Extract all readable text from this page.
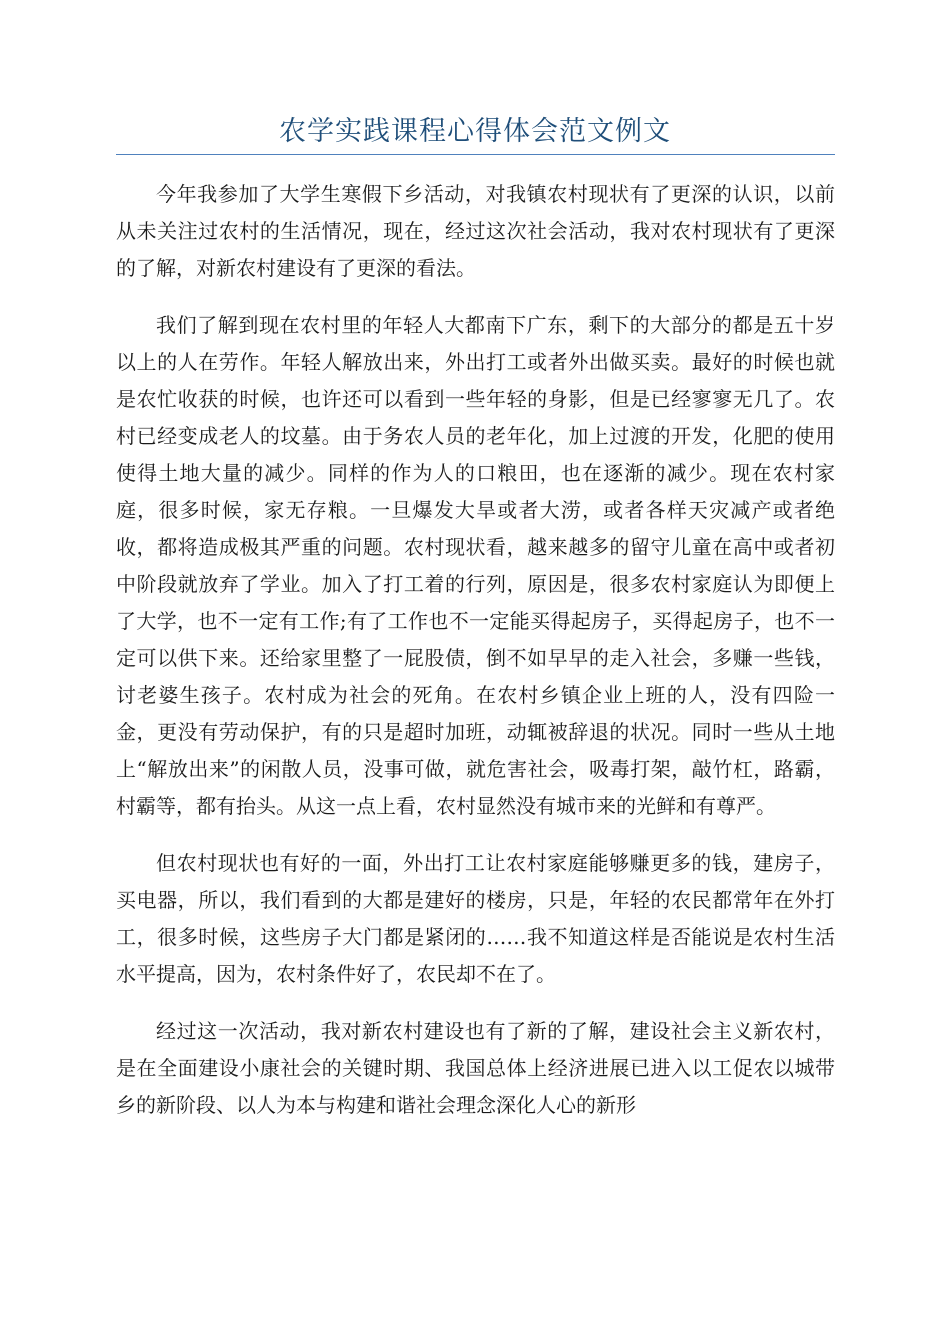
农学实践课程心得体会范文例文

今年我参加了大学生寒假下乡活动，对我镇农村现状有了更深的认识，以前从未关注过农村的生活情况，现在，经过这次社会活动，我对农村现状有了更深的了解，对新农村建设有了更深的看法。

我们了解到现在农村里的年轻人大都南下广东，剩下的大部分的都是五十岁以上的人在劳作。年轻人解放出来，外出打工或者外出做买卖。最好的时候也就是农忙收获的时候，也许还可以看到一些年轻的身影，但是已经寥寥无几了。农村已经变成老人的坟墓。由于务农人员的老年化，加上过渡的开发，化肥的使用使得土地大量的减少。同样的作为人的口粮田，也在逐渐的减少。现在农村家庭，很多时候，家无存粮。一旦爆发大旱或者大涝，或者各样天灾减产或者绝收，都将造成极其严重的问题。农村现状看，越来越多的留守儿童在高中或者初中阶段就放弃了学业。加入了打工着的行列，原因是，很多农村家庭认为即便上了大学，也不一定有工作;有了工作也不一定能买得起房子，买得起房子，也不一定可以供下来。还给家里整了一屁股债，倒不如早早的走入社会，多赚一些钱，讨老婆生孩子。农村成为社会的死角。在农村乡镇企业上班的人，没有四险一金，更没有劳动保护，有的只是超时加班，动辄被辞退的状况。同时一些从土地上“解放出来”的闲散人员，没事可做，就危害社会，吸毒打架，敲竹杠，路霸，村霸等，都有抬头。从这一点上看，农村显然没有城市来的光鲜和有尊严。

但农村现状也有好的一面，外出打工让农村家庭能够赚更多的钱，建房子，买电器，所以，我们看到的大都是建好的楼房，只是，年轻的农民都常年在外打工，很多时候，这些房子大门都是紧闭的……我不知道这样是否能说是农村生活水平提高，因为，农村条件好了，农民却不在了。

经过这一次活动，我对新农村建设也有了新的了解，建设社会主义新农村，是在全面建设小康社会的关键时期、我国总体上经济进展已进入以工促农以城带乡的新阶段、以人为本与构建和谐社会理念深化人心的新形
